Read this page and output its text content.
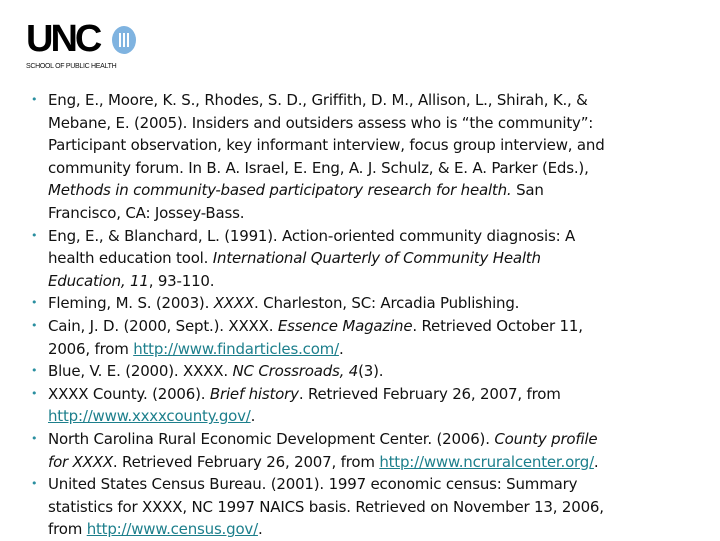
UNC
SCHOOL OF PUBLIC HEALTH
• Eng, E., Moore, K. S., Rhodes, S. D., Griffith, D. M., Allison, L., Shirah, K., &
Mebane, E. (2005). Insiders and outsiders assess who is “the community”:
Participant observation, key informant interview, focus group interview, and
community forum. In B. A. Israel, E. Eng, A. J. Schulz, & E. A. Parker (Eds.),
Methods in community-based participatory research for health. San
Francisco, CA: Jossey-Bass.
• Eng, E., & Blanchard, L. (1991). Action-oriented community diagnosis: A
health education tool. International Quarterly of Community Health
Education, 11, 93-110.
• Fleming, M. S. (2003). XXXX. Charleston, SC: Arcadia Publishing.
• Cain, J. D. (2000, Sept.). XXXX. Essence Magazine. Retrieved October 11,
2006, from http://www.findarticles.com/.
• Blue, V. E. (2000). XXXX. NC Crossroads, 4(3).
• XXXX County. (2006). Brief history. Retrieved February 26, 2007, from
http://www.xxxxcounty.gov/.
• North Carolina Rural Economic Development Center. (2006). County profile
for XXXX. Retrieved February 26, 2007, from http://www.ncruralcenter.org/.
• United States Census Bureau. (2001). 1997 economic census: Summary
statistics for XXXX, NC 1997 NAICS basis. Retrieved on November 13, 2006,
from http://www.census.gov/.
